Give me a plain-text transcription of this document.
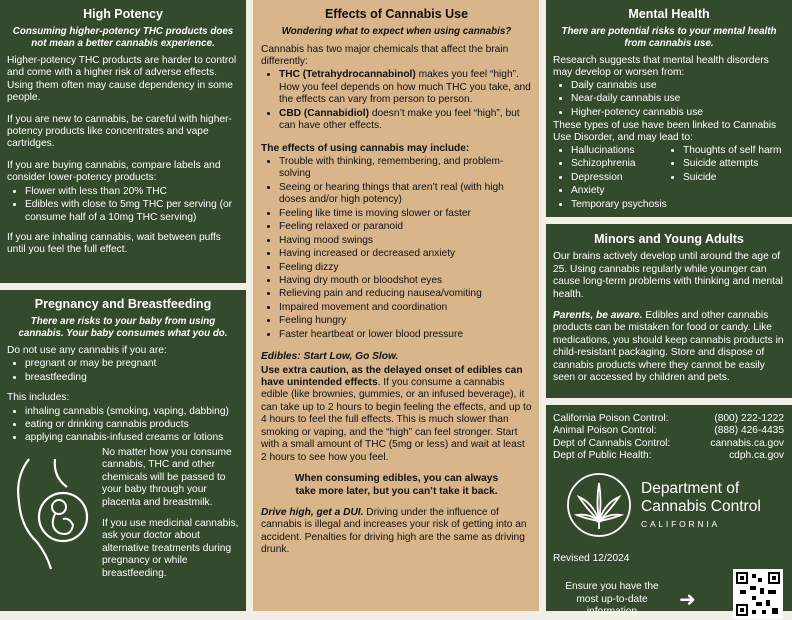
High Potency
Consuming higher-potency THC products does not mean a better cannabis experience.

Higher-potency THC products are harder to control and come with a higher risk of adverse effects. Using them often may cause dependency in some people.

If you are new to cannabis, be careful with higher-potency products like concentrates and vape cartridges.

If you are buying cannabis, compare labels and consider lower-potency products:

• Flower with less than 20% THC
• Edibles with close to 5mg THC per serving (or consume half of a 10mg THC serving)

If you are inhaling cannabis, wait between puffs until you feel the full effect.

Pregnancy and Breastfeeding
There are risks to your baby from using cannabis. Your baby consumes what you do.

Do not use any cannabis if you are:

• pregnant or may be pregnant
• breastfeeding

This includes:

• inhaling cannabis (smoking, vaping, dabbing)
• eating or drinking cannabis products
• applying cannabis-infused creams or lotions

No matter how you consume cannabis, THC and other chemicals will be passed to your baby through your placenta and breastmilk.

If you use medicinal cannabis, ask your doctor about alternative treatments during pregnancy or while breastfeeding.

Effects of Cannabis Use
Wondering what to expect when using cannabis?

Cannabis has two major chemicals that affect the brain differently:

• THC (Tetrahydrocannabinol) makes you feel “high”. How you feel depends on how much THC you take, and the effects can vary from person to person.
• CBD (Cannabidiol) doesn’t make you feel “high”, but can have other effects.

The effects of using cannabis may include:

• Trouble with thinking, remembering, and problem-solving
• Seeing or hearing things that aren’t real (with high doses and/or high potency)
• Feeling like time is moving slower or faster
• Feeling relaxed or paranoid
• Having mood swings
• Having increased or decreased anxiety
• Feeling dizzy
• Having dry mouth or bloodshot eyes
• Relieving pain and reducing nausea/vomiting
• Impaired movement and coordination
• Feeling hungry
• Faster heartbeat or lower blood pressure

Edibles: Start Low, Go Slow.

Use extra caution, as the delayed onset of edibles can have unintended effects. If you consume a cannabis edible (like brownies, gummies, or an infused beverage), it can take up to 2 hours to begin feeling the effects, and up to 4 hours to feel the full effects. This is much slower than smoking or vaping, and the “high” can feel stronger. Start with a small amount of THC (5mg or less) and wait at least 2 hours to see how you feel.

When consuming edibles, you can always take more later, but you can’t take it back.

Drive high, get a DUI. Driving under the influence of cannabis is illegal and increases your risk of getting into an accident. Penalties for driving high are the same as driving drunk.

Mental Health
There are potential risks to your mental health from cannabis use.

Research suggests that mental health disorders may develop or worsen from:

• Daily cannabis use
• Near-daily cannabis use
• Higher-potency cannabis use

These types of use have been linked to Cannabis Use Disorder, and may lead to:

• Hallucinations
• Schizophrenia
• Depression
• Anxiety
• Temporary psychosis
• Thoughts of self harm
• Suicide attempts
• Suicide
Minors and Young Adults

Our brains actively develop until around the age of 25. Using cannabis regularly while younger can cause long-term problems with thinking and mental health.

Parents, be aware. Edibles and other cannabis products can be mistaken for food or candy. Like medications, you should keep cannabis products in child-resistant packaging. Store and dispose of cannabis products where they cannot be easily seen or accessed by children and pets.

California Poison Control:	(800) 222-1222
Animal Poison Control:	(888) 426-4435
Dept of Cannabis Control:	cannabis.ca.gov
Dept of Public Health:	cdph.ca.gov
Department of
Cannabis Control
CALIFORNIA
Revised 12/2024
Ensure you have the most up-to-date information
➜
